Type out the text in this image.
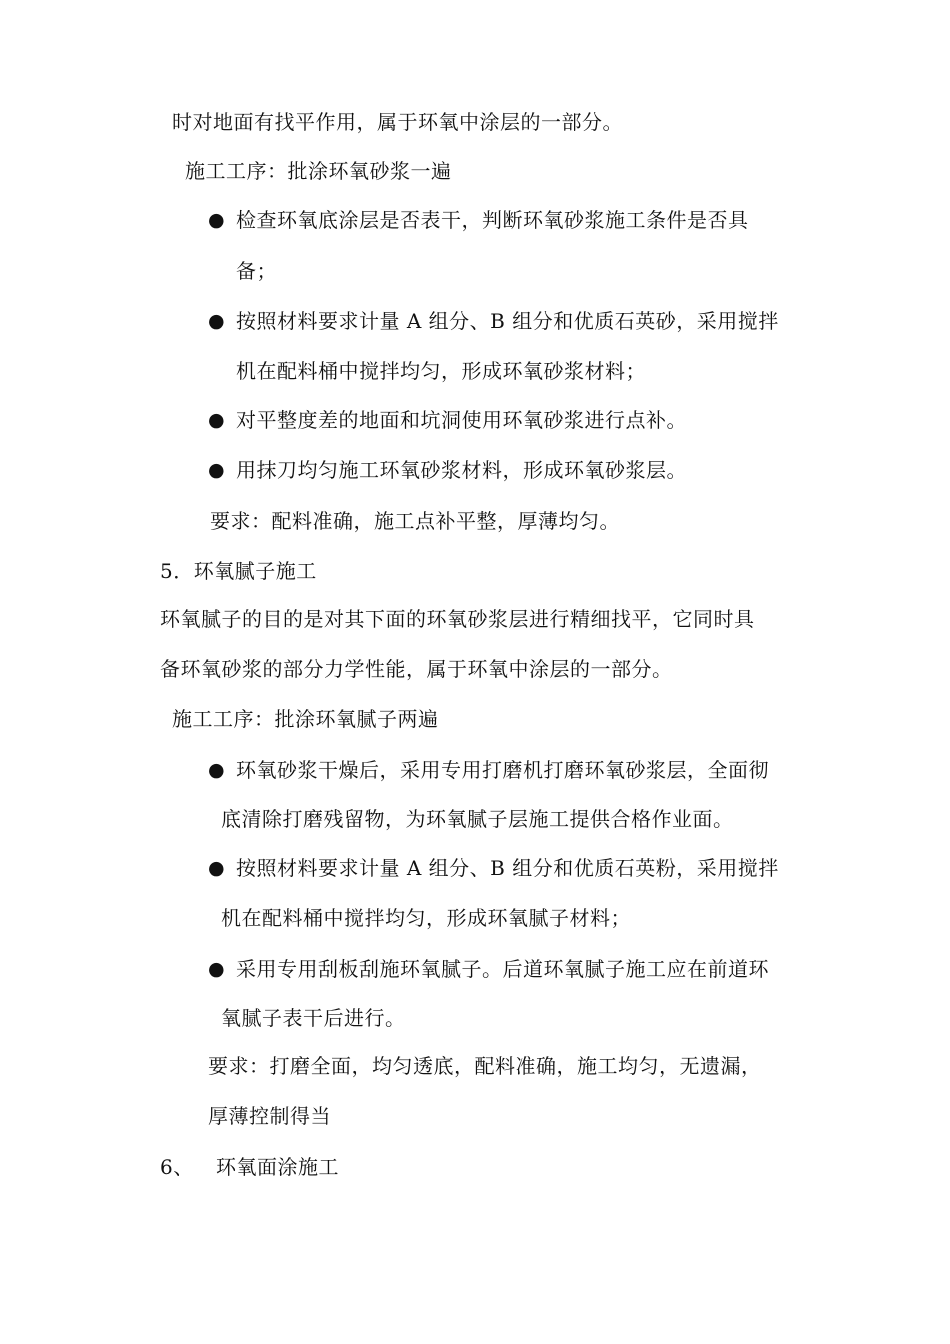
时对地面有找平作用，属于环氧中涂层的一部分。
施工工序：批涂环氧砂浆一遍
● 检查环氧底涂层是否表干，判断环氧砂浆施工条件是否具
备；
● 按照材料要求计量 A 组分、B 组分和优质石英砂，采用搅拌
机在配料桶中搅拌均匀，形成环氧砂浆材料；
● 对平整度差的地面和坑洞使用环氧砂浆进行点补。
● 用抹刀均匀施工环氧砂浆材料，形成环氧砂浆层。
要求：配料准确，施工点补平整，厚薄均匀。
5．环氧腻子施工
环氧腻子的目的是对其下面的环氧砂浆层进行精细找平，它同时具
备环氧砂浆的部分力学性能，属于环氧中涂层的一部分。
施工工序：批涂环氧腻子两遍
● 环氧砂浆干燥后，采用专用打磨机打磨环氧砂浆层，全面彻
底清除打磨残留物，为环氧腻子层施工提供合格作业面。
● 按照材料要求计量 A 组分、B 组分和优质石英粉，采用搅拌
机在配料桶中搅拌均匀，形成环氧腻子材料；
● 采用专用刮板刮施环氧腻子。后道环氧腻子施工应在前道环
氧腻子表干后进行。
要求：打磨全面，均匀透底，配料准确，施工均匀，无遗漏，
厚薄控制得当
6、 环氧面涂施工
